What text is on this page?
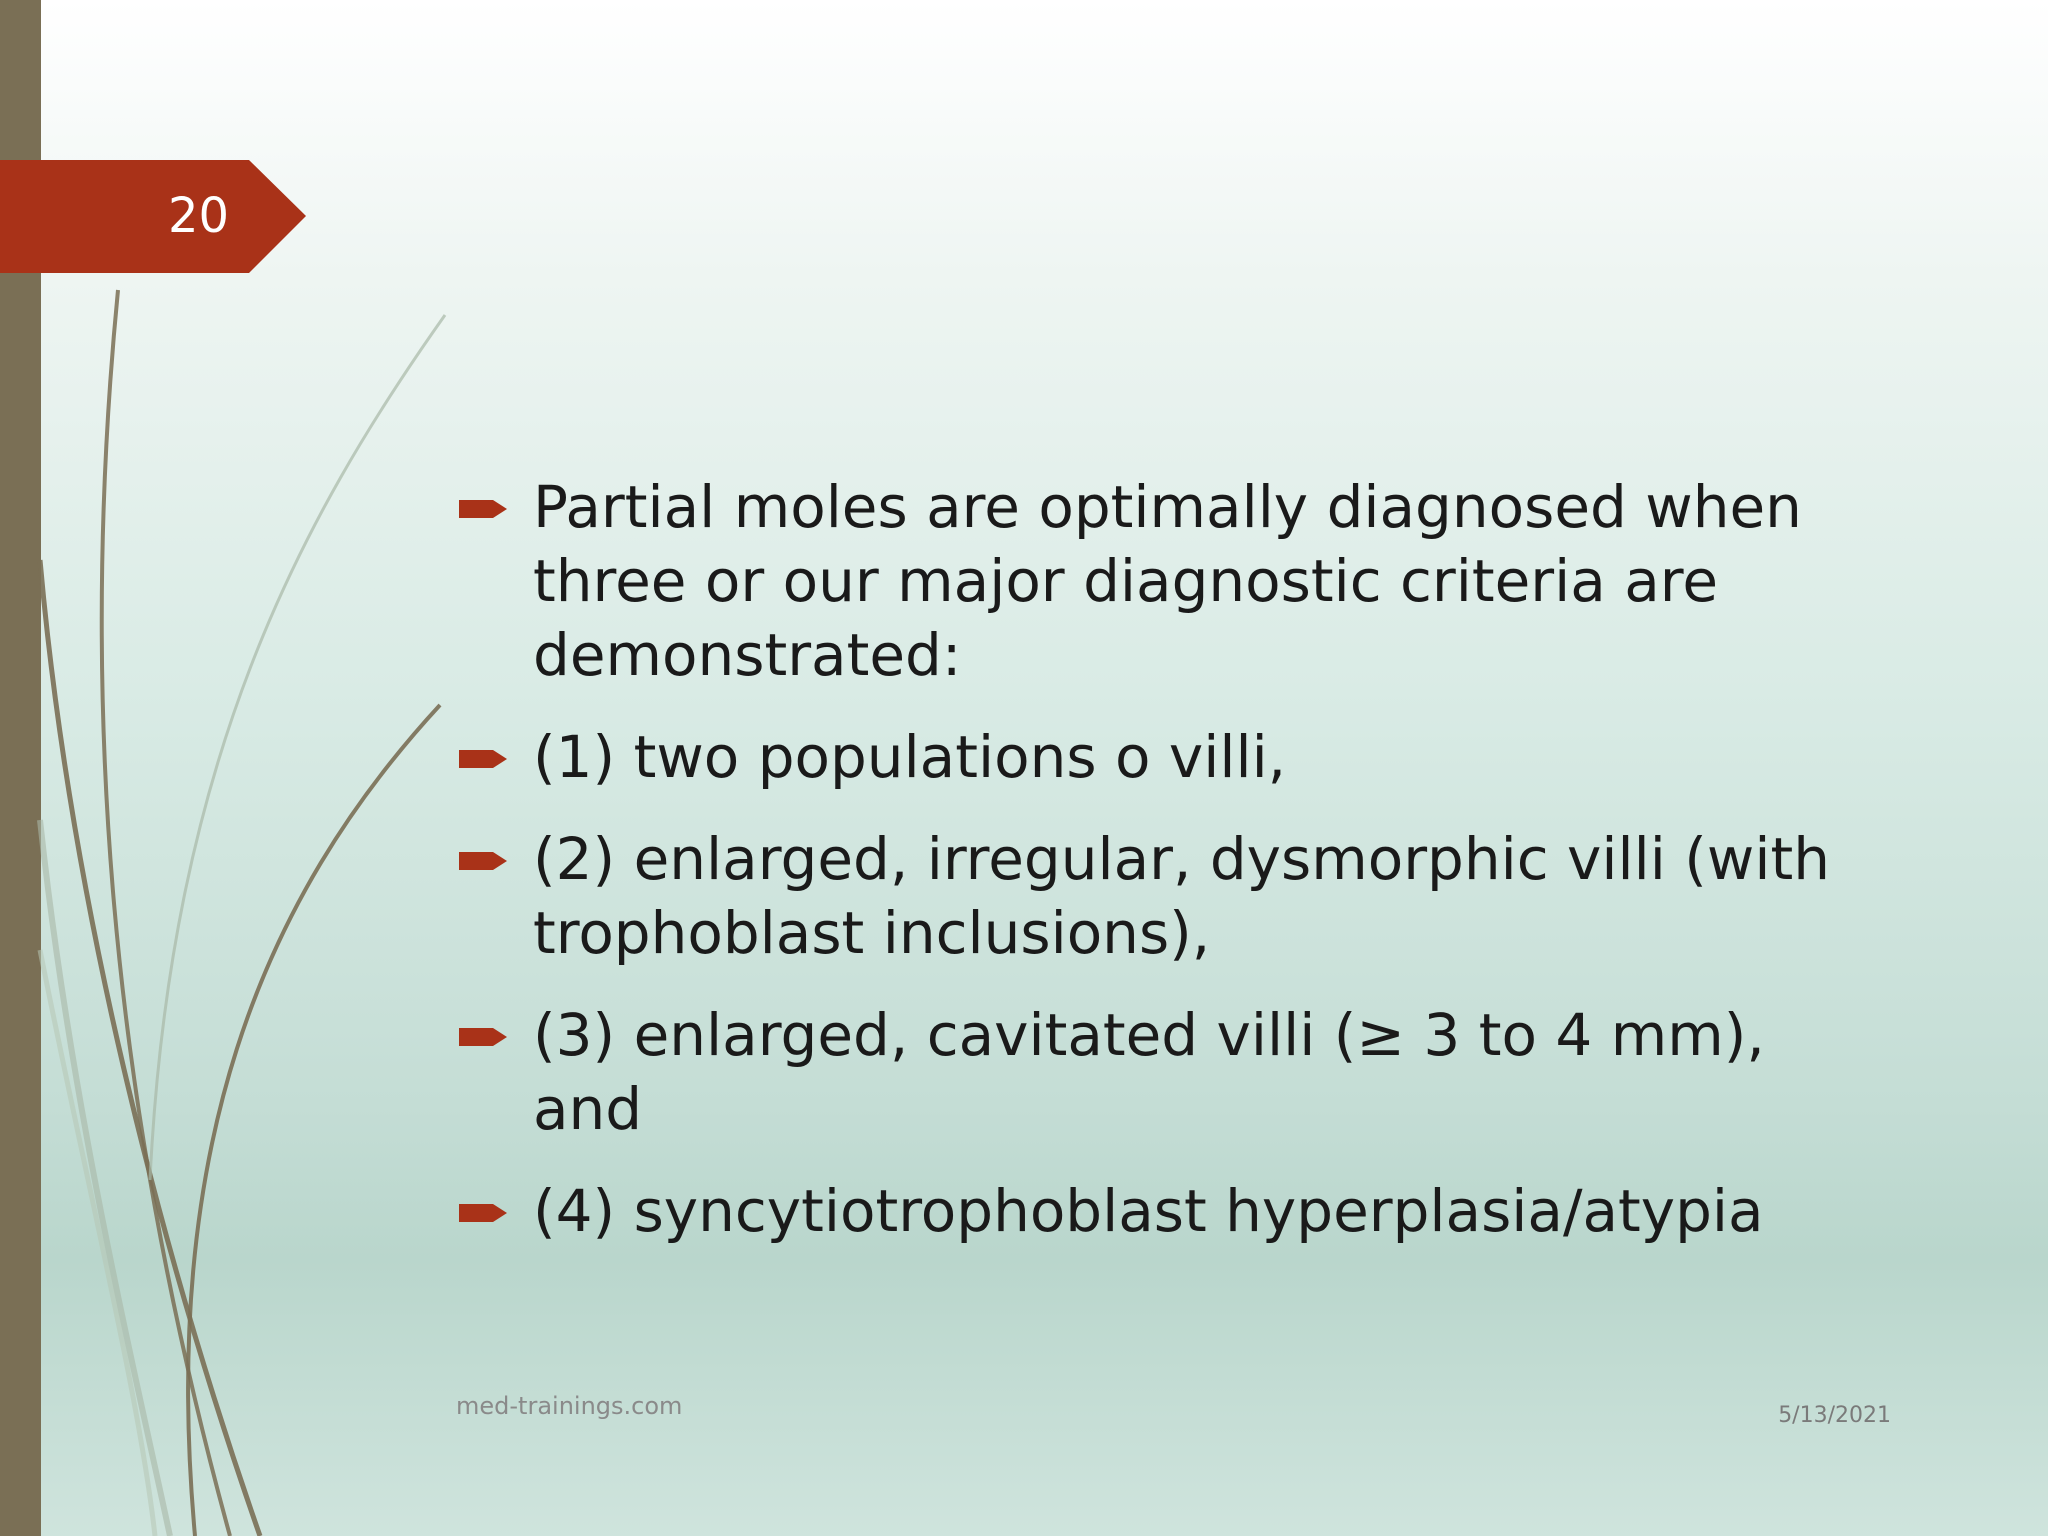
20
Partial moles are optimally diagnosed when three or our major diagnostic criteria are demonstrated:
(1) two populations o villi,
(2) enlarged, irregular, dysmorphic villi (with trophoblast inclusions),
(3) enlarged, cavitated villi (≥ 3 to 4 mm), and
(4) syncytiotrophoblast hyperplasia/atypia
med-trainings.com	5/13/2021
